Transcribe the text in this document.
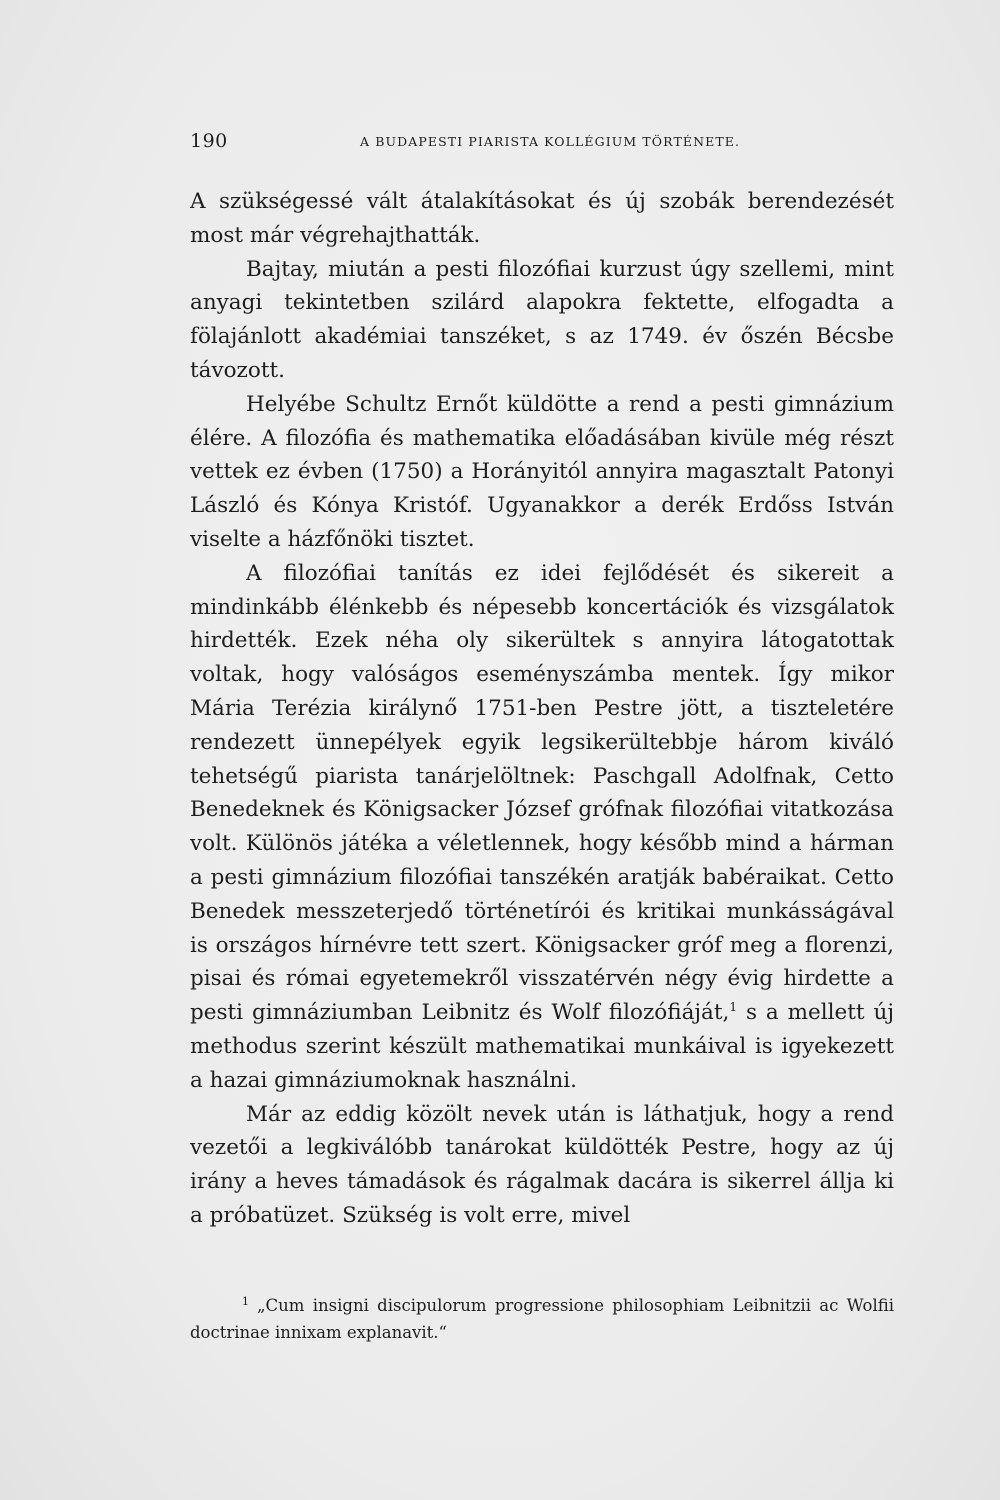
190	A BUDAPESTI PIARISTA KOLLÉGIUM TÖRTÉNETE.

A szükségessé vált átalakításokat és új szobák berendezését most már végrehajthatták.

Bajtay, miután a pesti filozófiai kurzust úgy szellemi, mint anyagi tekintetben szilárd alapokra fektette, elfogadta a fölajánlott akadémiai tanszéket, s az 1749. év őszén Bécsbe távozott.

Helyébe Schultz Ernőt küldötte a rend a pesti gimnázium élére. A filozófia és mathematika előadásában kivüle még részt vettek ez évben (1750) a Horányitól annyira magasztalt Patonyi László és Kónya Kristóf. Ugyanakkor a derék Erdőss István viselte a házfőnöki tisztet.

A filozófiai tanítás ez idei fejlődését és sikereit a mindinkább élénkebb és népesebb koncertációk és vizsgálatok hirdették. Ezek néha oly sikerültek s annyira látogatottak voltak, hogy valóságos eseményszámba mentek. Így mikor Mária Terézia királynő 1751-ben Pestre jött, a tiszteletére rendezett ünnepélyek egyik legsikerültebbje három kiváló tehetségű piarista tanárjelöltnek: Paschgall Adolfnak, Cetto Benedeknek és Königsacker József grófnak filozófiai vitatkozása volt. Különös játéka a véletlennek, hogy később mind a hárman a pesti gimnázium filozófiai tanszékén aratják babéraikat. Cetto Benedek messzeterjedő történetírói és kritikai munkásságával is országos hírnévre tett szert. Königsacker gróf meg a florenzi, pisai és római egyetemekről visszatérvén négy évig hirdette a pesti gimnáziumban Leibnitz és Wolf filozófiáját,$^1$ s a mellett új methodus szerint készült mathematikai munkáival is igyekezett a hazai gimnáziumoknak használni.

Már az eddig közölt nevek után is láthatjuk, hogy a rend vezetői a legkiválóbb tanárokat küldötték Pestre, hogy az új irány a heves támadások és rágalmak dacára is sikerrel állja ki a próbatüzet. Szükség is volt erre, mivel

$^1$ „Cum insigni discipulorum progressione philosophiam Leibnitzii ac Wolfii doctrinae innixam explanavit.“
